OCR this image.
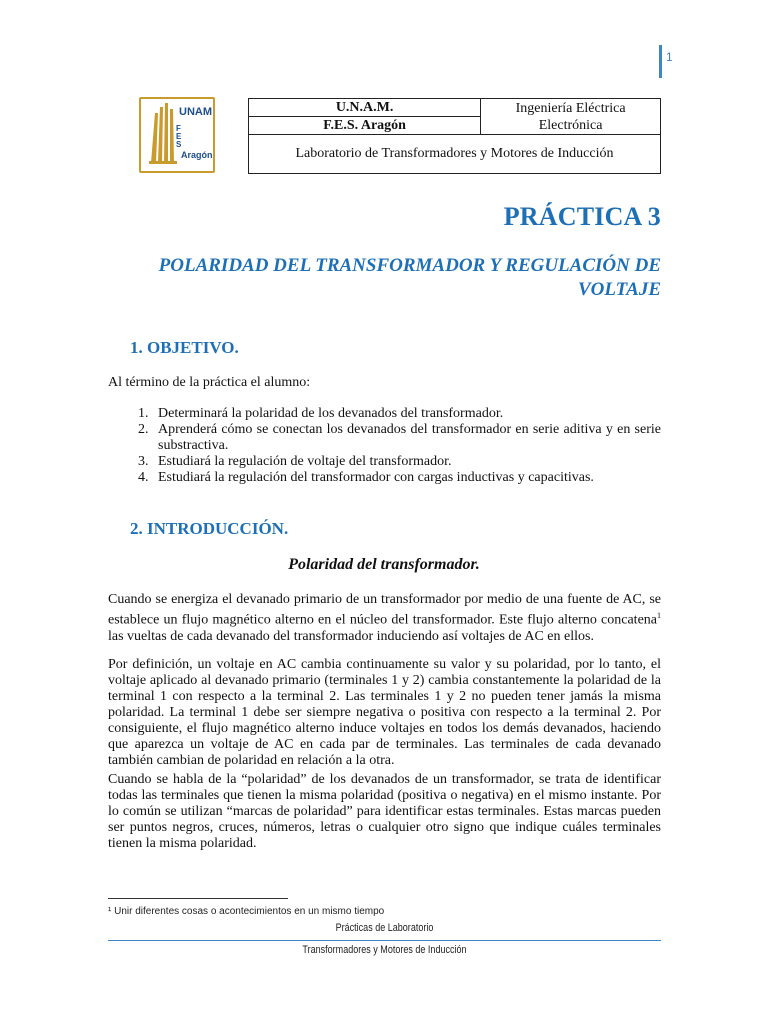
1
UNAM
FES
Aragón
U.N.A.M.	Ingeniería Eléctrica
Electrónica

F.E.S. Aragón
Laboratorio de Transformadores y Motores de Inducción
PRÁCTICA 3
POLARIDAD DEL TRANSFORMADOR Y REGULACIÓN DE
VOLTAJE
1. OBJETIVO.
Al término de la práctica el alumno:
1. Determinará la polaridad de los devanados del transformador.
2. Aprenderá cómo se conectan los devanados del transformador en serie aditiva y en serie substractiva.
3. Estudiará la regulación de voltaje del transformador.
4. Estudiará la regulación del transformador con cargas inductivas y capacitivas.
2. INTRODUCCIÓN.
Polaridad del transformador.
Cuando se energiza el devanado primario de un transformador por medio de una fuente de AC, se establece un flujo magnético alterno en el núcleo del transformador. Este flujo alterno concatena$^1$ las vueltas de cada devanado del transformador induciendo así voltajes de AC en ellos.
Por definición, un voltaje en AC cambia continuamente su valor y su polaridad, por lo tanto, el voltaje aplicado al devanado primario (terminales 1 y 2) cambia constantemente la polaridad de la terminal 1 con respecto a la terminal 2. Las terminales 1 y 2 no pueden tener jamás la misma polaridad. La terminal 1 debe ser siempre negativa o positiva con respecto a la terminal 2. Por consiguiente, el flujo magnético alterno induce voltajes en todos los demás devanados, haciendo que aparezca un voltaje de AC en cada par de terminales. Las terminales de cada devanado también cambian de polaridad en relación a la otra.
Cuando se habla de la “polaridad” de los devanados de un transformador, se trata de identificar todas las terminales que tienen la misma polaridad (positiva o negativa) en el mismo instante. Por lo común se utilizan “marcas de polaridad” para identificar estas terminales. Estas marcas pueden ser puntos negros, cruces, números, letras o cualquier otro signo que indique cuáles terminales tienen la misma polaridad.
¹ Unir diferentes cosas o acontecimientos en un mismo tiempo
Prácticas de Laboratorio
Transformadores y Motores de Inducción
